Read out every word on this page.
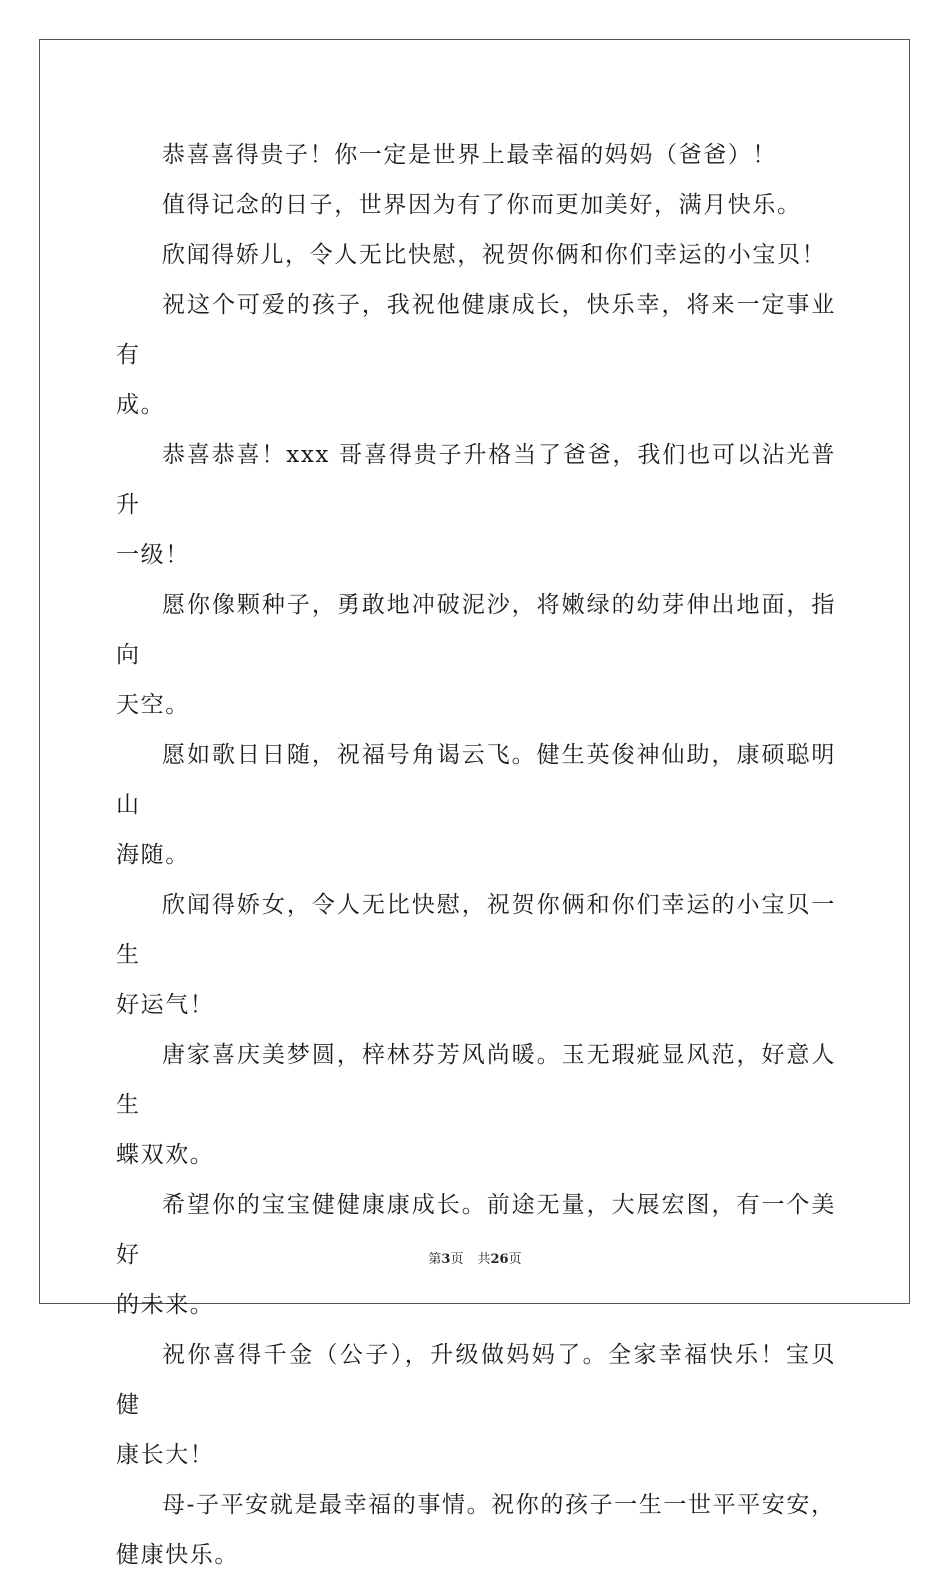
恭喜喜得贵子！你一定是世界上最幸福的妈妈（爸爸）！

值得记念的日子，世界因为有了你而更加美好，满月快乐。

欣闻得娇儿，令人无比快慰，祝贺你俩和你们幸运的小宝贝！

祝这个可爱的孩子，我祝他健康成长，快乐幸，将来一定事业有
成。

恭喜恭喜！xxx 哥喜得贵子升格当了爸爸，我们也可以沾光普升
一级！

愿你像颗种子，勇敢地冲破泥沙，将嫩绿的幼芽伸出地面，指向
天空。

愿如歌日日随，祝福号角谒云飞。健生英俊神仙助，康硕聪明山
海随。

欣闻得娇女，令人无比快慰，祝贺你俩和你们幸运的小宝贝一生
好运气！

唐家喜庆美梦圆，梓林芬芳风尚暖。玉无瑕疵显风范，好意人生
蝶双欢。

希望你的宝宝健健康康成长。前途无量，大展宏图，有一个美好
的未来。

祝你喜得千金（公子），升级做妈妈了。全家幸福快乐！宝贝健
康长大！

母-子平安就是最幸福的事情。祝你的孩子一生一世平平安安，
健康快乐。

第3页 共26页
